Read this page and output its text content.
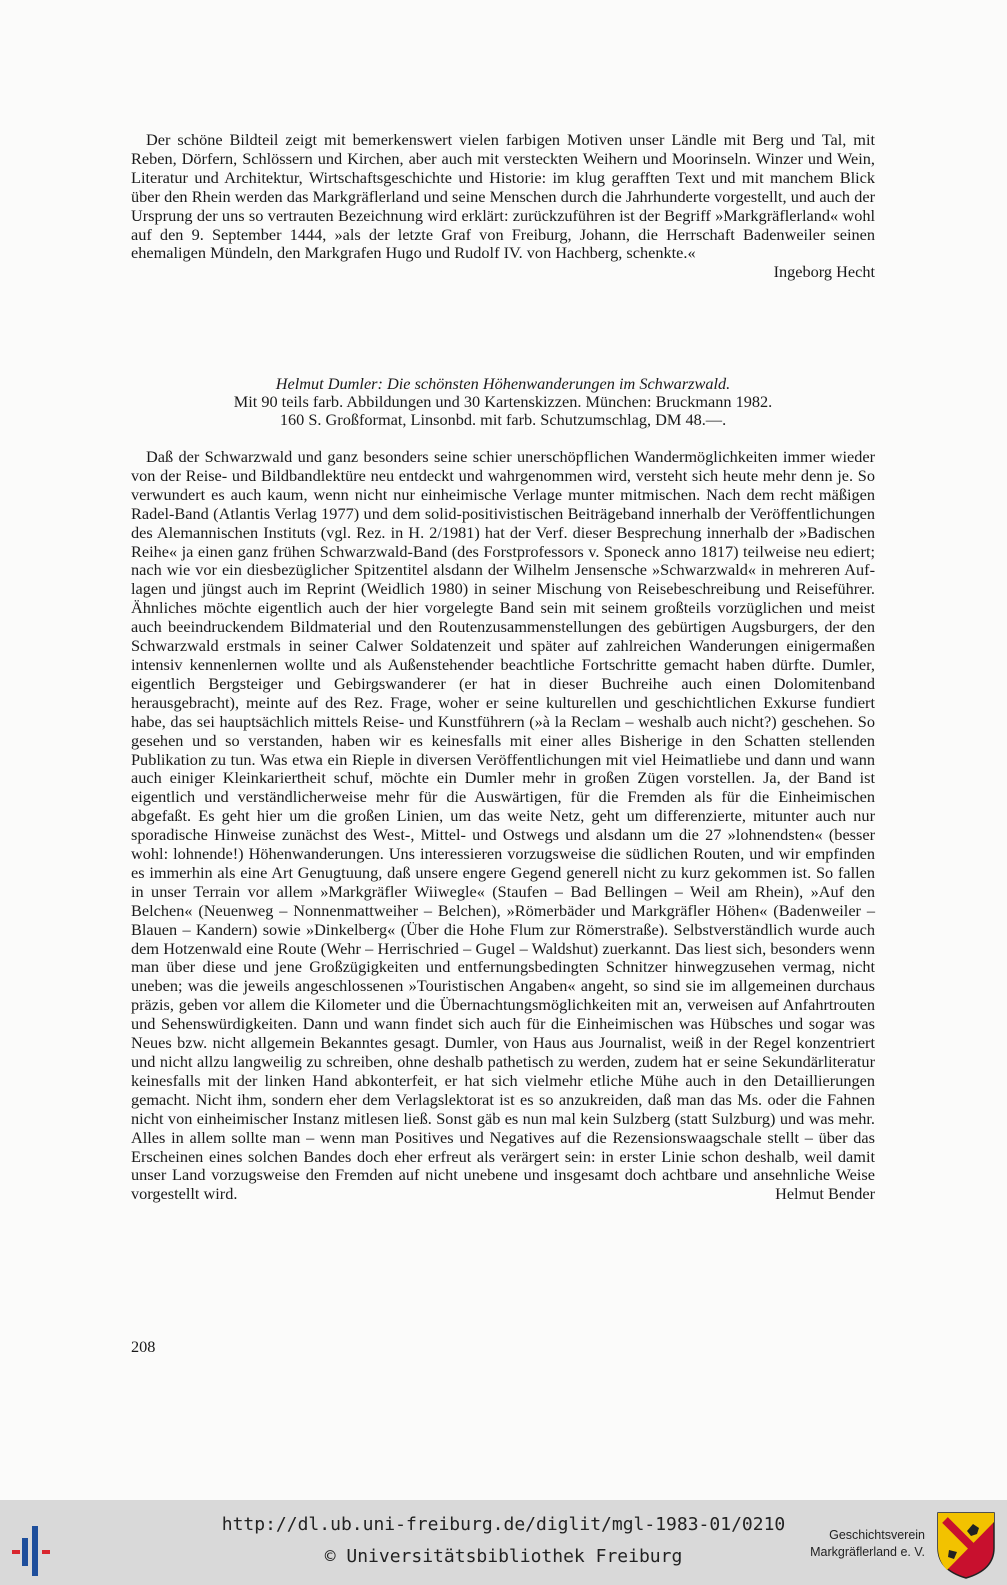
Der schöne Bildteil zeigt mit bemerkenswert vielen farbigen Motiven unser Ländle mit Berg und Tal, mit Reben, Dörfern, Schlössern und Kirchen, aber auch mit versteckten Weihern und Moorinseln. Winzer und Wein, Literatur und Architektur, Wirtschaftsgeschichte und Historie: im klug gerafften Text und mit manchem Blick über den Rhein werden das Markgräflerland und seine Menschen durch die Jahrhunderte vorgestellt, und auch der Ursprung der uns so vertrauten Bezeichnung wird erklärt: zurückzuführen ist der Begriff »Markgräflerland« wohl auf den 9. September 1444, »als der letzte Graf von Freiburg, Johann, die Herrschaft Badenweiler seinen ehemaligen Mündeln, den Markgrafen Hugo und Rudolf IV. von Hachberg, schenkte.«

Ingeborg Hecht

Helmut Dumler: Die schönsten Höhenwanderungen im Schwarzwald.

Mit 90 teils farb. Abbildungen und 30 Kartenskizzen. München: Bruckmann 1982.

160 S. Großformat, Linsonbd. mit farb. Schutzumschlag, DM 48.—.

Daß der Schwarzwald und ganz besonders seine schier unerschöpflichen Wandermöglichkeiten immer wieder von der Reise- und Bildbandlektüre neu entdeckt und wahrgenommen wird, versteht sich heute mehr denn je. So verwundert es auch kaum, wenn nicht nur einheimische Verlage munter mitmischen. Nach dem recht mäßigen Radel-Band (Atlantis Verlag 1977) und dem solid-positivistischen Beiträgeband innerhalb der Veröffentlichungen des Alemannischen Instituts (vgl. Rez. in H. 2/1981) hat der Verf. dieser Besprechung innerhalb der »Badischen Reihe« ja einen ganz frühen Schwarzwald-Band (des Forstprofessors v. Sponeck anno 1817) teilweise neu ediert; nach wie vor ein diesbezüglicher Spitzentitel alsdann der Wilhelm Jensensche »Schwarzwald« in mehreren Auflagen und jüngst auch im Reprint (Weidlich 1980) in seiner Mischung von Reisebeschreibung und Reiseführer. Ähnliches möchte eigentlich auch der hier vorgelegte Band sein mit seinem großteils vorzüglichen und meist auch beeindruckendem Bildmaterial und den Routenzusammenstellungen des gebürtigen Augsburgers, der den Schwarzwald erstmals in seiner Calwer Soldatenzeit und später auf zahlreichen Wanderungen einigermaßen intensiv kennenlernen wollte und als Außenstehender beachtliche Fortschritte gemacht haben dürfte. Dumler, eigentlich Bergsteiger und Gebirgswanderer (er hat in dieser Buchreihe auch einen Dolomitenband herausgebracht), meinte auf des Rez. Frage, woher er seine kulturellen und geschichtlichen Exkurse fundiert habe, das sei hauptsächlich mittels Reise- und Kunstführern (»à la Reclam – weshalb auch nicht?) geschehen. So gesehen und so verstanden, haben wir es keinesfalls mit einer alles Bisherige in den Schatten stellenden Publikation zu tun. Was etwa ein Rieple in diversen Veröffentlichungen mit viel Heimatliebe und dann und wann auch einiger Kleinkariertheit schuf, möchte ein Dumler mehr in großen Zügen vorstellen. Ja, der Band ist eigentlich und verständlicherweise mehr für die Auswärtigen, für die Fremden als für die Einheimischen abgefaßt. Es geht hier um die großen Linien, um das weite Netz, geht um differenzierte, mitunter auch nur sporadische Hinweise zunächst des West-, Mittel- und Ostwegs und alsdann um die 27 »lohnendsten« (besser wohl: lohnende!) Höhenwanderungen. Uns interessieren vorzugsweise die südlichen Routen, und wir empfinden es immerhin als eine Art Genugtuung, daß unsere engere Gegend generell nicht zu kurz gekommen ist. So fallen in unser Terrain vor allem »Markgräfler Wiiwegle« (Staufen – Bad Bellingen – Weil am Rhein), »Auf den Belchen« (Neuenweg – Nonnenmattweiher – Belchen), »Römerbäder und Markgräfler Höhen« (Badenweiler – Blauen – Kandern) sowie »Dinkelberg« (Über die Hohe Flum zur Römerstraße). Selbstverständlich wurde auch dem Hotzenwald eine Route (Wehr – Herrischried – Gugel – Waldshut) zuerkannt. Das liest sich, besonders wenn man über diese und jene Großzügigkeiten und entfernungsbedingten Schnitzer hinwegzusehen vermag, nicht uneben; was die jeweils angeschlossenen »Touristischen Angaben« angeht, so sind sie im allgemeinen durchaus präzis, geben vor allem die Kilometer und die Übernachtungsmöglichkeiten mit an, verweisen auf Anfahrtrouten und Sehenswürdigkeiten. Dann und wann findet sich auch für die Einheimischen was Hübsches und sogar was Neues bzw. nicht allgemein Bekanntes gesagt. Dumler, von Haus aus Journalist, weiß in der Regel konzentriert und nicht allzu langweilig zu schreiben, ohne deshalb pathetisch zu werden, zudem hat er seine Sekundärliteratur keinesfalls mit der linken Hand abkonterfeit, er hat sich vielmehr etliche Mühe auch in den Detaillierungen gemacht. Nicht ihm, sondern eher dem Verlagslektorat ist es so anzukreiden, daß man das Ms. oder die Fahnen nicht von einheimischer Instanz mitlesen ließ. Sonst gäb es nun mal kein Sulzberg (statt Sulzburg) und was mehr. Alles in allem sollte man – wenn man Positives und Negatives auf die Rezensionswaagschale stellt – über das Erscheinen eines solchen Bandes doch eher erfreut als verärgert sein: in erster Linie schon deshalb, weil damit unser Land vorzugsweise den Fremden auf nicht unebene und insgesamt doch achtbare und ansehnliche Weise vorgestellt wird.	Helmut Bender

208

http://dl.ub.uni-freiburg.de/diglit/mgl-1983-01/0210

© Universitätsbibliothek Freiburg

Geschichtsverein

Markgräflerland e. V.
